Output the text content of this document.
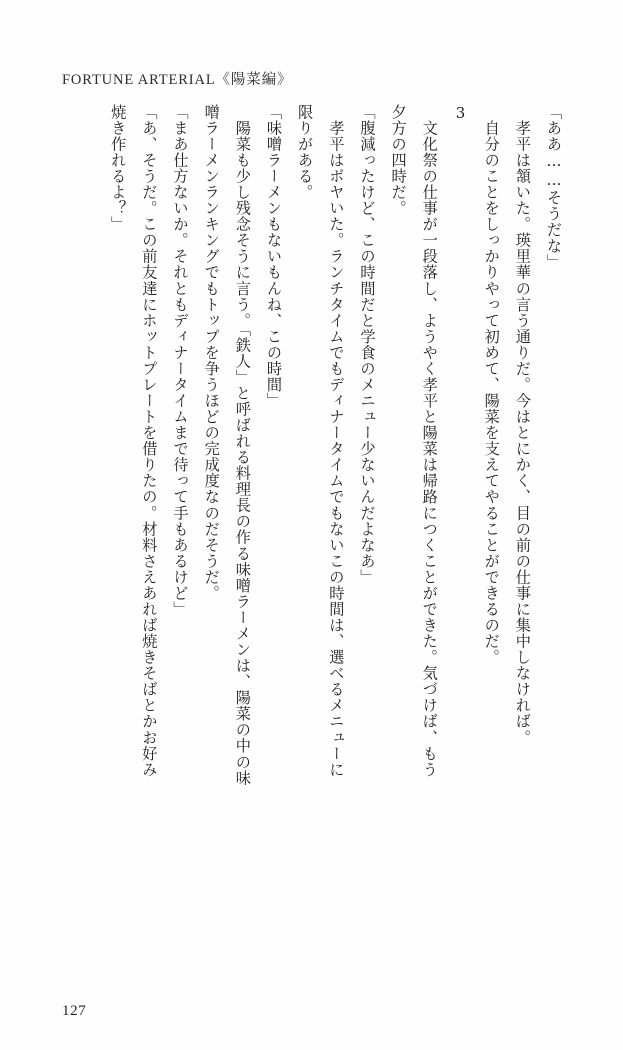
FORTUNE ARTERIAL《陽菜編》

「ああ……そうだな」

　孝平は頷いた。瑛里華の言う通りだ。今はとにかく、目の前の仕事に集中しなければ。

　自分のことをしっかりやって初めて、陽菜を支えてやることができるのだ。

3

　文化祭の仕事が一段落し、ようやく孝平と陽菜は帰路につくことができた。気づけば、もう

夕方の四時だ。

「腹減ったけど、この時間だと学食のメニュー少ないんだよなあ」

　孝平はボヤいた。ランチタイムでもディナータイムでもないこの時間は、選べるメニューに

限りがある。

「味噌ラーメンもないもんね、この時間」

　陽菜も少し残念そうに言う。「鉄人」と呼ばれる料理長の作る味噌ラーメンは、陽菜の中の味

噌ラーメンランキングでもトップを争うほどの完成度なのだそうだ。

「まあ仕方ないか。それともディナータイムまで待って手もあるけど」

「あ、そうだ。この前友達にホットプレートを借りたの。材料さえあれば焼きそばとかお好み

焼き作れるよ？」

127
